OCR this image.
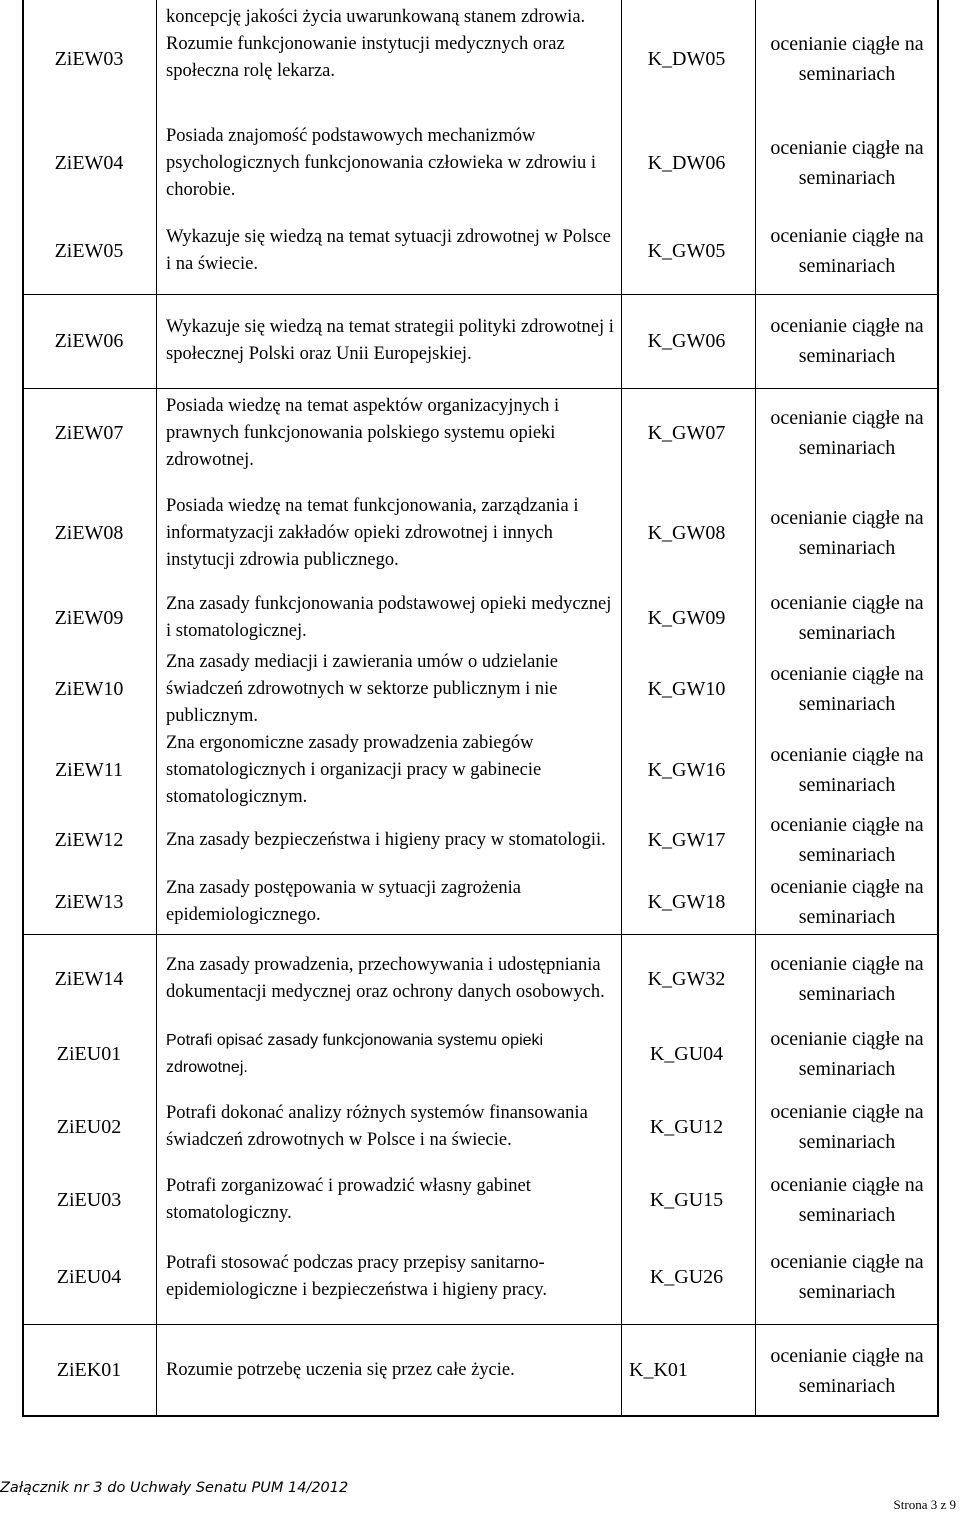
ZiEW03
koncepcję jakości życia uwarunkowaną stanem zdrowia. Rozumie funkcjonowanie instytucji medycznych oraz społeczna rolę lekarza.
K_DW05
ocenianie ciągłe na seminariach
ZiEW04
Posiada znajomość podstawowych mechanizmów psychologicznych funkcjonowania człowieka w zdrowiu i chorobie.
K_DW06
ocenianie ciągłe na seminariach
ZiEW05
Wykazuje się wiedzą na temat sytuacji zdrowotnej w Polsce i na świecie.
K_GW05
ocenianie ciągłe na seminariach
ZiEW06
Wykazuje się wiedzą na temat strategii polityki zdrowotnej i społecznej Polski oraz Unii Europejskiej.
K_GW06
ocenianie ciągłe na seminariach
ZiEW07
Posiada wiedzę na temat aspektów organizacyjnych i prawnych funkcjonowania polskiego systemu opieki zdrowotnej.
K_GW07
ocenianie ciągłe na seminariach
ZiEW08
Posiada wiedzę na temat funkcjonowania, zarządzania i informatyzacji zakładów opieki zdrowotnej i innych instytucji zdrowia publicznego.
K_GW08
ocenianie ciągłe na seminariach
ZiEW09
Zna zasady funkcjonowania podstawowej opieki medycznej i stomatologicznej.
K_GW09
ocenianie ciągłe na seminariach
ZiEW10
Zna zasady mediacji i zawierania umów o udzielanie świadczeń zdrowotnych w sektorze publicznym i nie publicznym.
K_GW10
ocenianie ciągłe na seminariach
ZiEW11
Zna ergonomiczne zasady prowadzenia zabiegów stomatologicznych i organizacji pracy w gabinecie stomatologicznym.
K_GW16
ocenianie ciągłe na seminariach
ZiEW12 Zna zasady bezpieczeństwa i higieny pracy w stomatologii. K_GW17
ocenianie ciągłe na seminariach
ZiEW13
Zna zasady postępowania w sytuacji zagrożenia epidemiologicznego.
K_GW18
ocenianie ciągłe na seminariach
ZiEW14
Zna zasady prowadzenia, przechowywania i udostępniania dokumentacji medycznej oraz ochrony danych osobowych.
K_GW32
ocenianie ciągłe na seminariach
ZiEU01
Potrafi opisać zasady funkcjonowania systemu opieki zdrowotnej.
K_GU04
ocenianie ciągłe na seminariach
ZiEU02
Potrafi dokonać analizy różnych systemów finansowania świadczeń zdrowotnych w Polsce i na świecie.
K_GU12
ocenianie ciągłe na seminariach
ZiEU03
Potrafi zorganizować i prowadzić własny gabinet stomatologiczny.
K_GU15
ocenianie ciągłe na seminariach
ZiEU04
Potrafi stosować podczas pracy przepisy sanitarno-epidemiologiczne i bezpieczeństwa i higieny pracy.
K_GU26
ocenianie ciągłe na seminariach
ZiEK01 Rozumie potrzebę uczenia się przez całe życie.	K_K01
ocenianie ciągłe na seminariach
Załącznik nr 3 do Uchwały Senatu PUM 14/2012
Strona 3 z 9
